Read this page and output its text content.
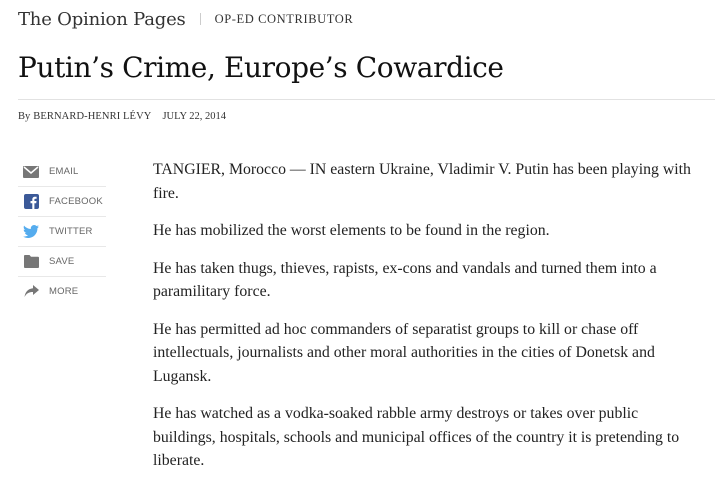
The Opinion Pages OP-ED CONTRIBUTOR
Putin’s Crime, Europe’s Cowardice
By BERNARD-HENRI LÉVY JULY 22, 2014
EMAIL
FACEBOOK
TWITTER
SAVE
MORE

TANGIER, Morocco — IN eastern Ukraine, Vladimir V. Putin has been playing with fire.

He has mobilized the worst elements to be found in the region.

He has taken thugs, thieves, rapists, ex-cons and vandals and turned them into a paramilitary force.

He has permitted ad hoc commanders of separatist groups to kill or chase off intellectuals, journalists and other moral authorities in the cities of Donetsk and Lugansk.

He has watched as a vodka-soaked rabble army destroys or takes over public buildings, hospitals, schools and municipal offices of the country it is pretending to liberate.
